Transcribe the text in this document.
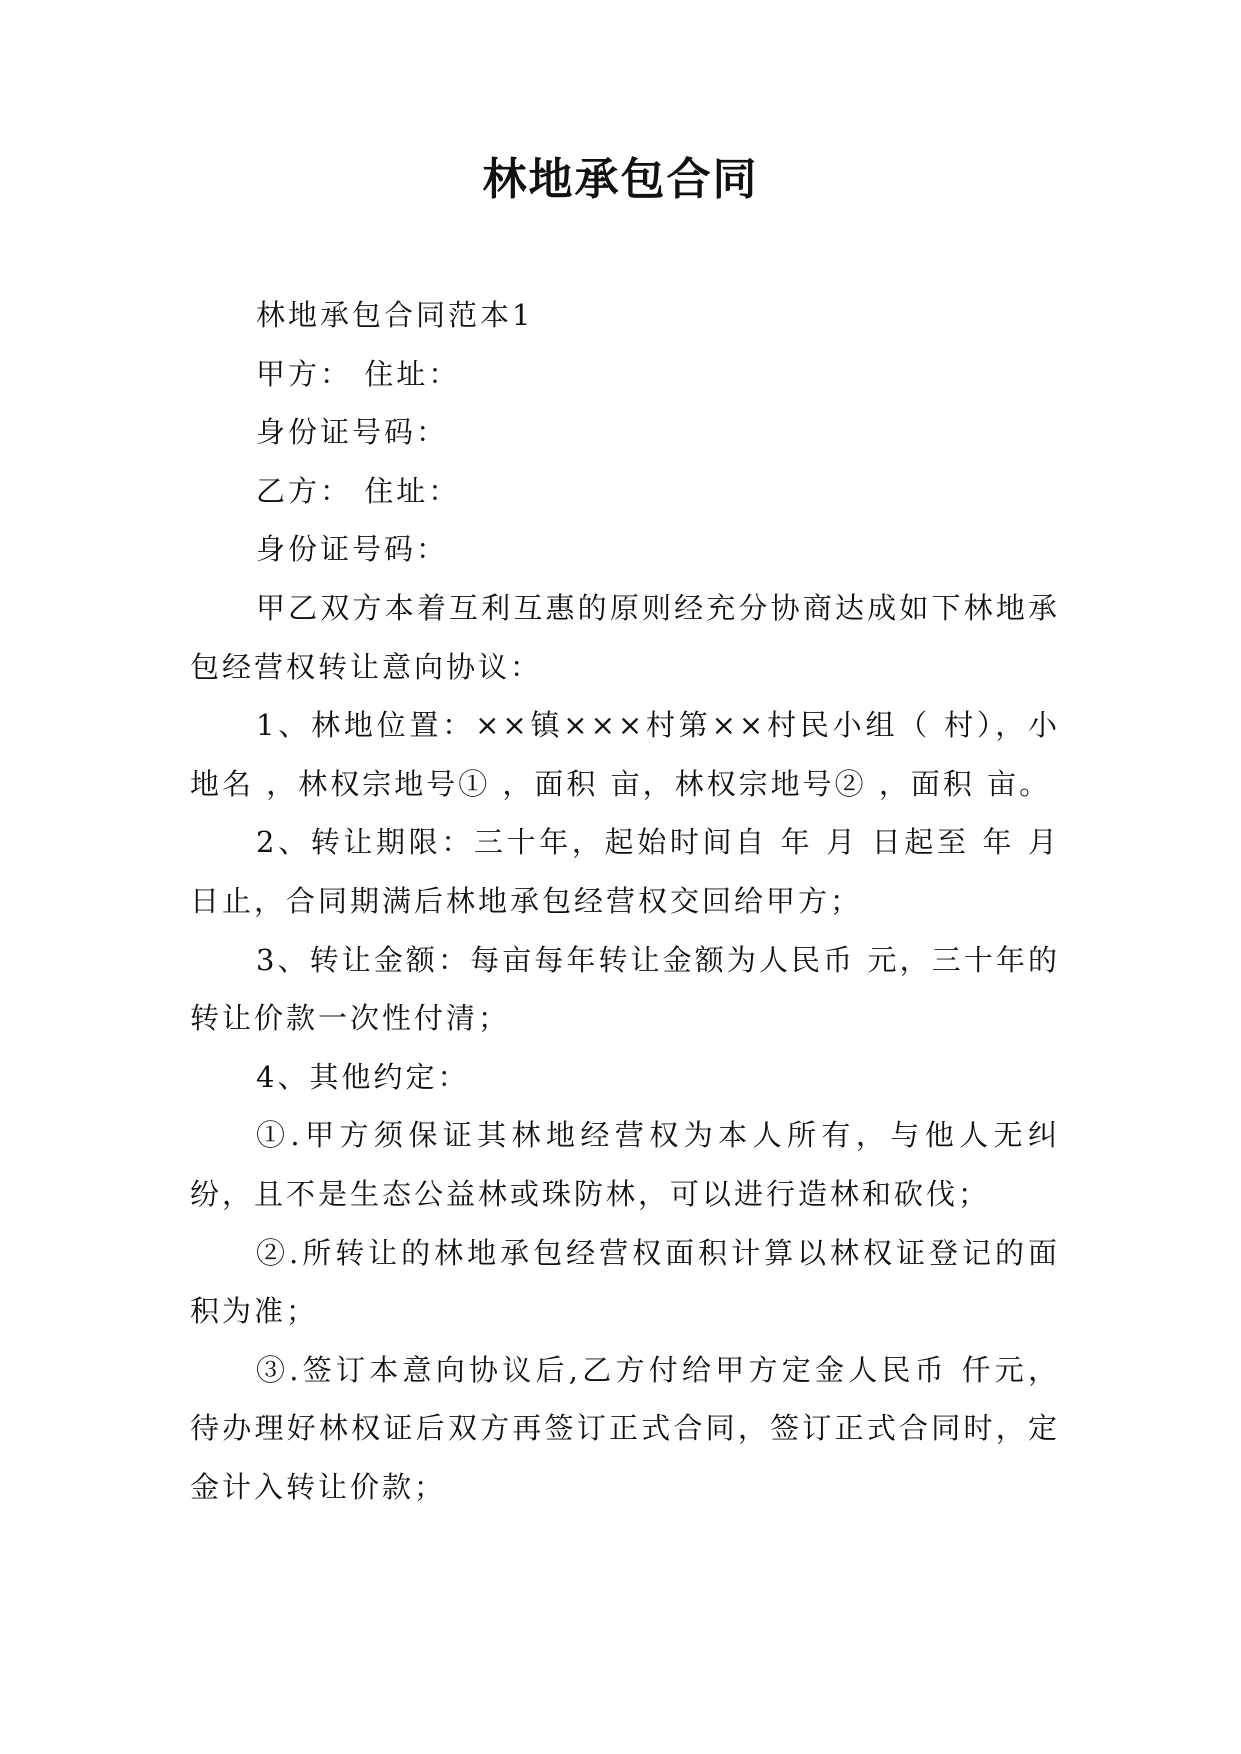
林地承包合同

林地承包合同范本1

甲方： 住址：

身份证号码：

乙方： 住址：

身份证号码：

甲乙双方本着互利互惠的原则经充分协商达成如下林地承包经营权转让意向协议：

1、林地位置：××镇×××村第××村民小组（ 村），小地名 ，林权宗地号① ，面积 亩，林权宗地号② ，面积 亩。

2、转让期限：三十年，起始时间自 年 月 日起至 年 月 日止，合同期满后林地承包经营权交回给甲方；

3、转让金额：每亩每年转让金额为人民币 元，三十年的转让价款一次性付清；

4、其他约定：

①.甲方须保证其林地经营权为本人所有，与他人无纠纷，且不是生态公益林或珠防林，可以进行造林和砍伐；

②.所转让的林地承包经营权面积计算以林权证登记的面积为准；

③.签订本意向协议后,乙方付给甲方定金人民币 仟元，待办理好林权证后双方再签订正式合同，签订正式合同时，定金计入转让价款；
